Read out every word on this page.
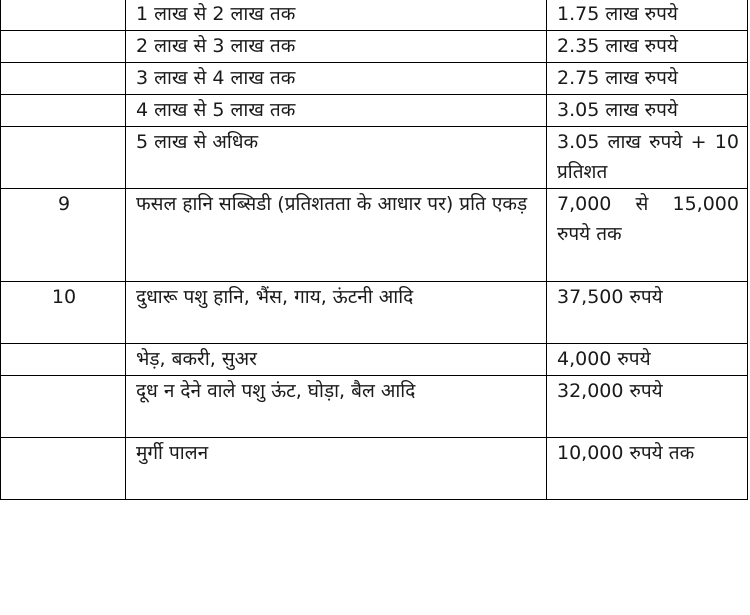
	1 लाख से 2 लाख तक	1.75 लाख रुपये
	2 लाख से 3 लाख तक	2.35 लाख रुपये
	3 लाख से 4 लाख तक	2.75 लाख रुपये
	4 लाख से 5 लाख तक	3.05 लाख रुपये
	5 लाख से अधिक	3.05 लाख रुपये + 10 प्रतिशत
9	फसल हानि सब्सिडी (प्रतिशतता के आधार पर) प्रति एकड़	7,000 से 15,000 रुपये तक
10	दुधारू पशु हानि, भैंस, गाय, ऊंटनी आदि	37,500 रुपये
	भेड़, बकरी, सुअर	4,000 रुपये
	दूध न देने वाले पशु ऊंट, घोड़ा, बैल आदि	32,000 रुपये
	मुर्गी पालन	10,000 रुपये तक
